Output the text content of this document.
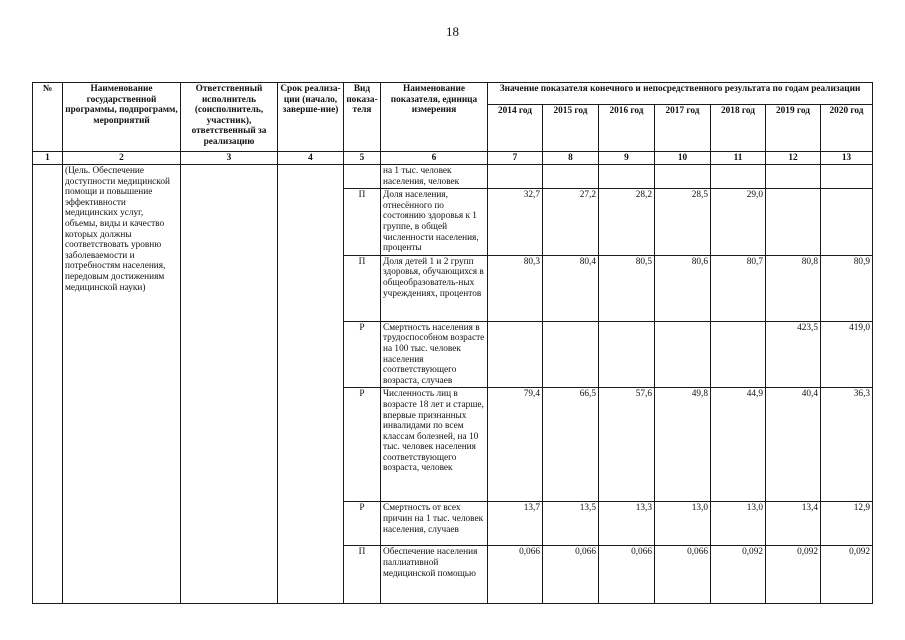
18
№	Наименование государственной программы, подпрограмм, мероприятий	Ответственный исполнитель (соисполнитель, участник), ответственный за реализацию	Срок реализа-ции (начало, заверше-ние)	Вид показа-теля	Наименование показателя, единица измерения	Значение показателя конечного и непосредственного результата по годам реализации						
						2014 год	2015 год	2016 год	2017 год	2018 год	2019 год	2020 год
1	2	3	4	5	6	7	8	9	10	11	12	13
	(Цель. Обеспечение доступности медицинской помощи и повышение эффективности медицинских услуг, объемы, виды и качество которых должны соответствовать уровню заболеваемости и потребностям населения, передовым достижениям медицинской науки)				на 1 тыс. человек населения, человек							
				П	Доля населения, отнесённого по состоянию здоровья к 1 группе, в общей численности населения, проценты	32,7	27,2	28,2	28,5	29,0		
				П	Доля детей 1 и 2 групп здоровья, обучающихся в общеобразователь-ных учреждениях, процентов	80,3	80,4	80,5	80,6	80,7	80,8	80,9
				Р	Смертность населения в трудоспособном возрасте на 100 тыс. человек населения соответствующего возраста, случаев						423,5	419,0
				Р	Численность лиц в возрасте 18 лет и старше, впервые признанных инвалидами по всем классам болезней, на 10 тыс. человек населения соответствующего возраста, человек	79,4	66,5	57,6	49,8	44,9	40,4	36,3
				Р	Смертность от всех причин на 1 тыс. человек населения, случаев	13,7	13,5	13,3	13,0	13,0	13,4	12,9
				П	Обеспечение населения паллиативной медицинской помощью	0,066	0,066	0,066	0,066	0,092	0,092	0,092
